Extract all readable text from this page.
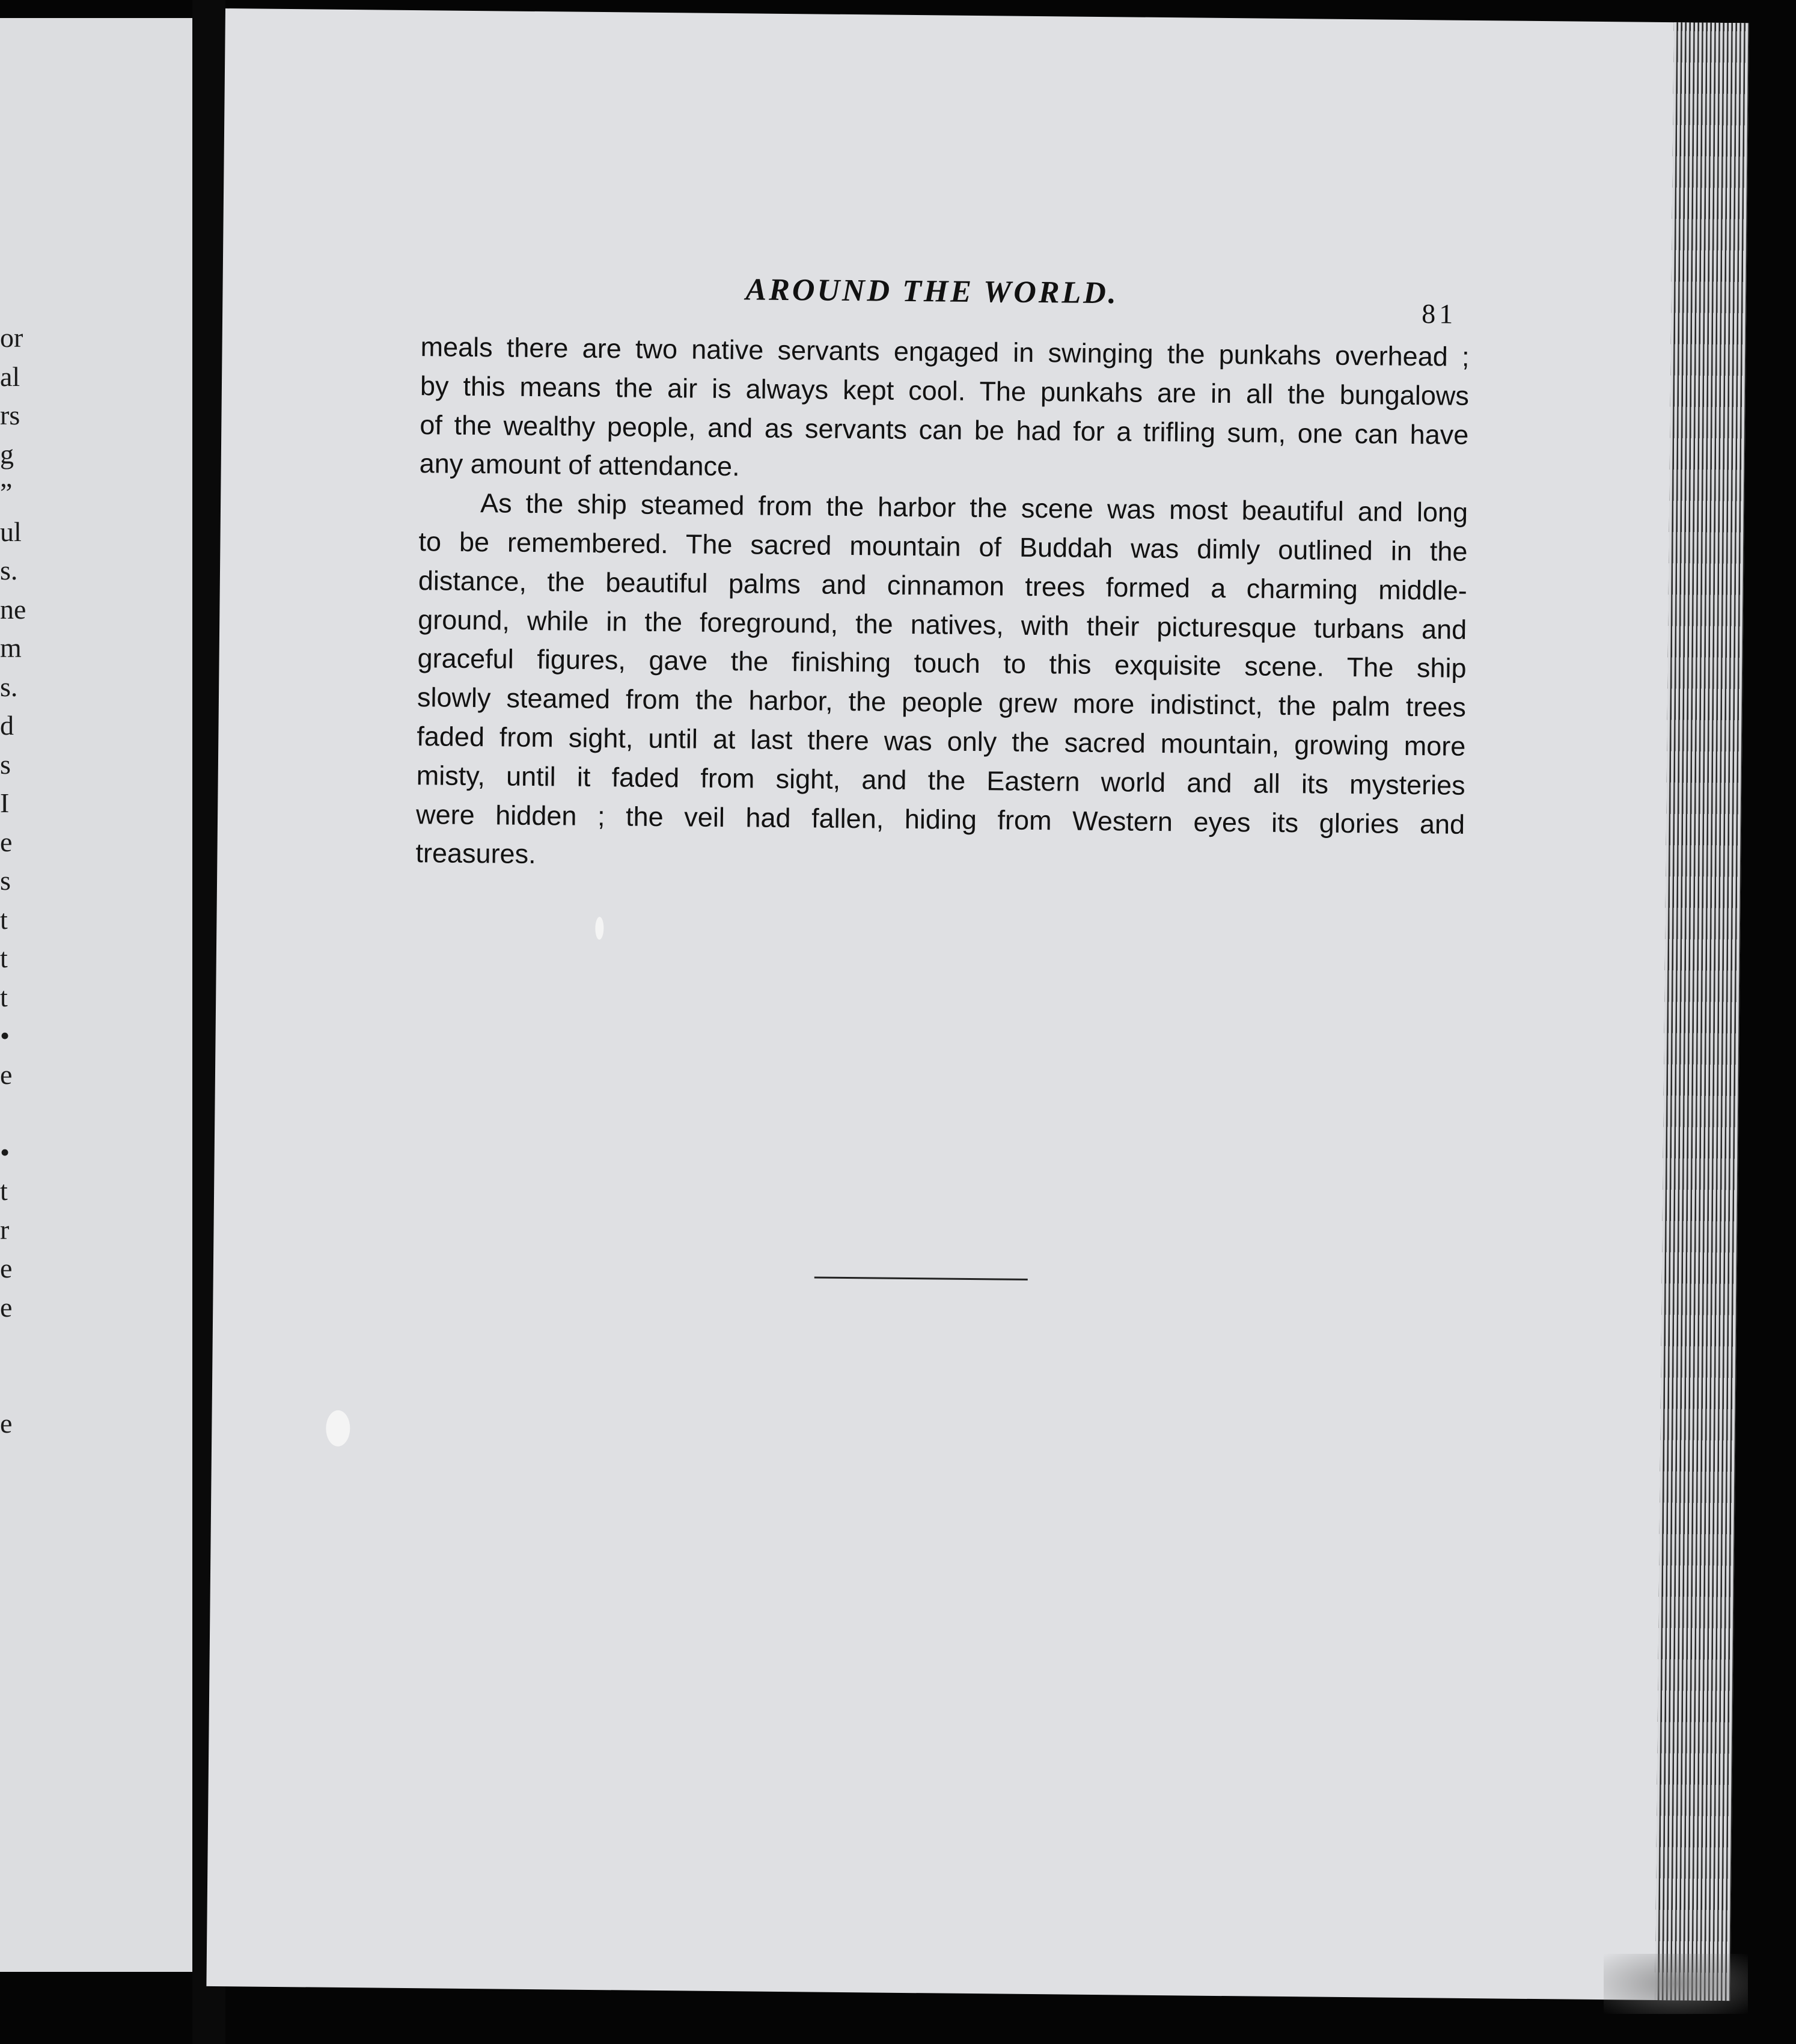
or
al
rs
g
”
ul
s.
ne
m
s.
d
s
I
e
s
t
t
t
•
e
•
t
r
e
e
e
AROUND THE WORLD.
81

meals there are two native servants engaged in swinging the punkahs overhead ;
by this means the air is always kept cool. The punkahs are in all the bungalows
of the wealthy people, and as servants can be had for a trifling sum, one can have
any amount of attendance.

As the ship steamed from the harbor the scene was most beautiful and long
to be remembered. The sacred mountain of Buddah was dimly outlined in the
distance, the beautiful palms and cinnamon trees formed a charming middle-
ground, while in the foreground, the natives, with their picturesque turbans and
graceful figures, gave the finishing touch to this exquisite scene. The ship
slowly steamed from the harbor, the people grew more indistinct, the palm trees
faded from sight, until at last there was only the sacred mountain, growing more
misty, until it faded from sight, and the Eastern world and all its mysteries
were hidden ; the veil had fallen, hiding from Western eyes its glories and
treasures.
